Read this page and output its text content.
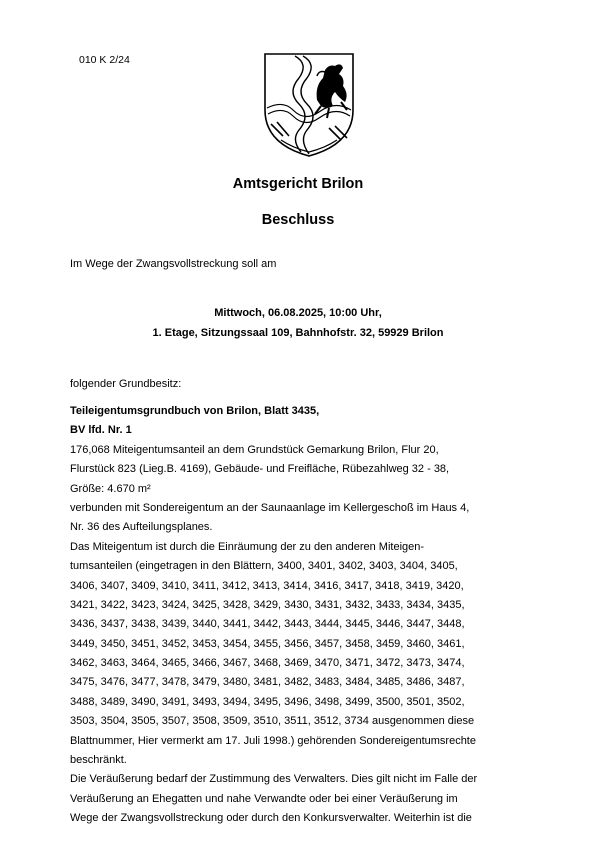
010 K 2/24
Amtsgericht Brilon
Beschluss
Im Wege der Zwangsvollstreckung soll am
Mittwoch, 06.08.2025, 10:00 Uhr,
1. Etage, Sitzungssaal 109, Bahnhofstr. 32, 59929 Brilon
folgender Grundbesitz:
Teileigentumsgrundbuch von Brilon, Blatt 3435,
BV lfd. Nr. 1
176,068 Miteigentumsanteil an dem Grundstück Gemarkung Brilon, Flur 20,
Flurstück 823 (Lieg.B. 4169), Gebäude- und Freifläche, Rübezahlweg 32 - 38,
Größe: 4.670 m²
verbunden mit Sondereigentum an der Saunaanlage im Kellergeschoß im Haus 4,
Nr. 36 des Aufteilungsplanes.
Das Miteigentum ist durch die Einräumung der zu den anderen Miteigen-
tumsanteilen (eingetragen in den Blättern, 3400, 3401, 3402, 3403, 3404, 3405,
3406, 3407, 3409, 3410, 3411, 3412, 3413, 3414, 3416, 3417, 3418, 3419, 3420,
3421, 3422, 3423, 3424, 3425, 3428, 3429, 3430, 3431, 3432, 3433, 3434, 3435,
3436, 3437, 3438, 3439, 3440, 3441, 3442, 3443, 3444, 3445, 3446, 3447, 3448,
3449, 3450, 3451, 3452, 3453, 3454, 3455, 3456, 3457, 3458, 3459, 3460, 3461,
3462, 3463, 3464, 3465, 3466, 3467, 3468, 3469, 3470, 3471, 3472, 3473, 3474,
3475, 3476, 3477, 3478, 3479, 3480, 3481, 3482, 3483, 3484, 3485, 3486, 3487,
3488, 3489, 3490, 3491, 3493, 3494, 3495, 3496, 3498, 3499, 3500, 3501, 3502,
3503, 3504, 3505, 3507, 3508, 3509, 3510, 3511, 3512, 3734 ausgenommen diese
Blattnummer, Hier vermerkt am 17. Juli 1998.) gehörenden Sondereigentumsrechte
beschränkt.
Die Veräußerung bedarf der Zustimmung des Verwalters. Dies gilt nicht im Falle der
Veräußerung an Ehegatten und nahe Verwandte oder bei einer Veräußerung im
Wege der Zwangsvollstreckung oder durch den Konkursverwalter. Weiterhin ist die
